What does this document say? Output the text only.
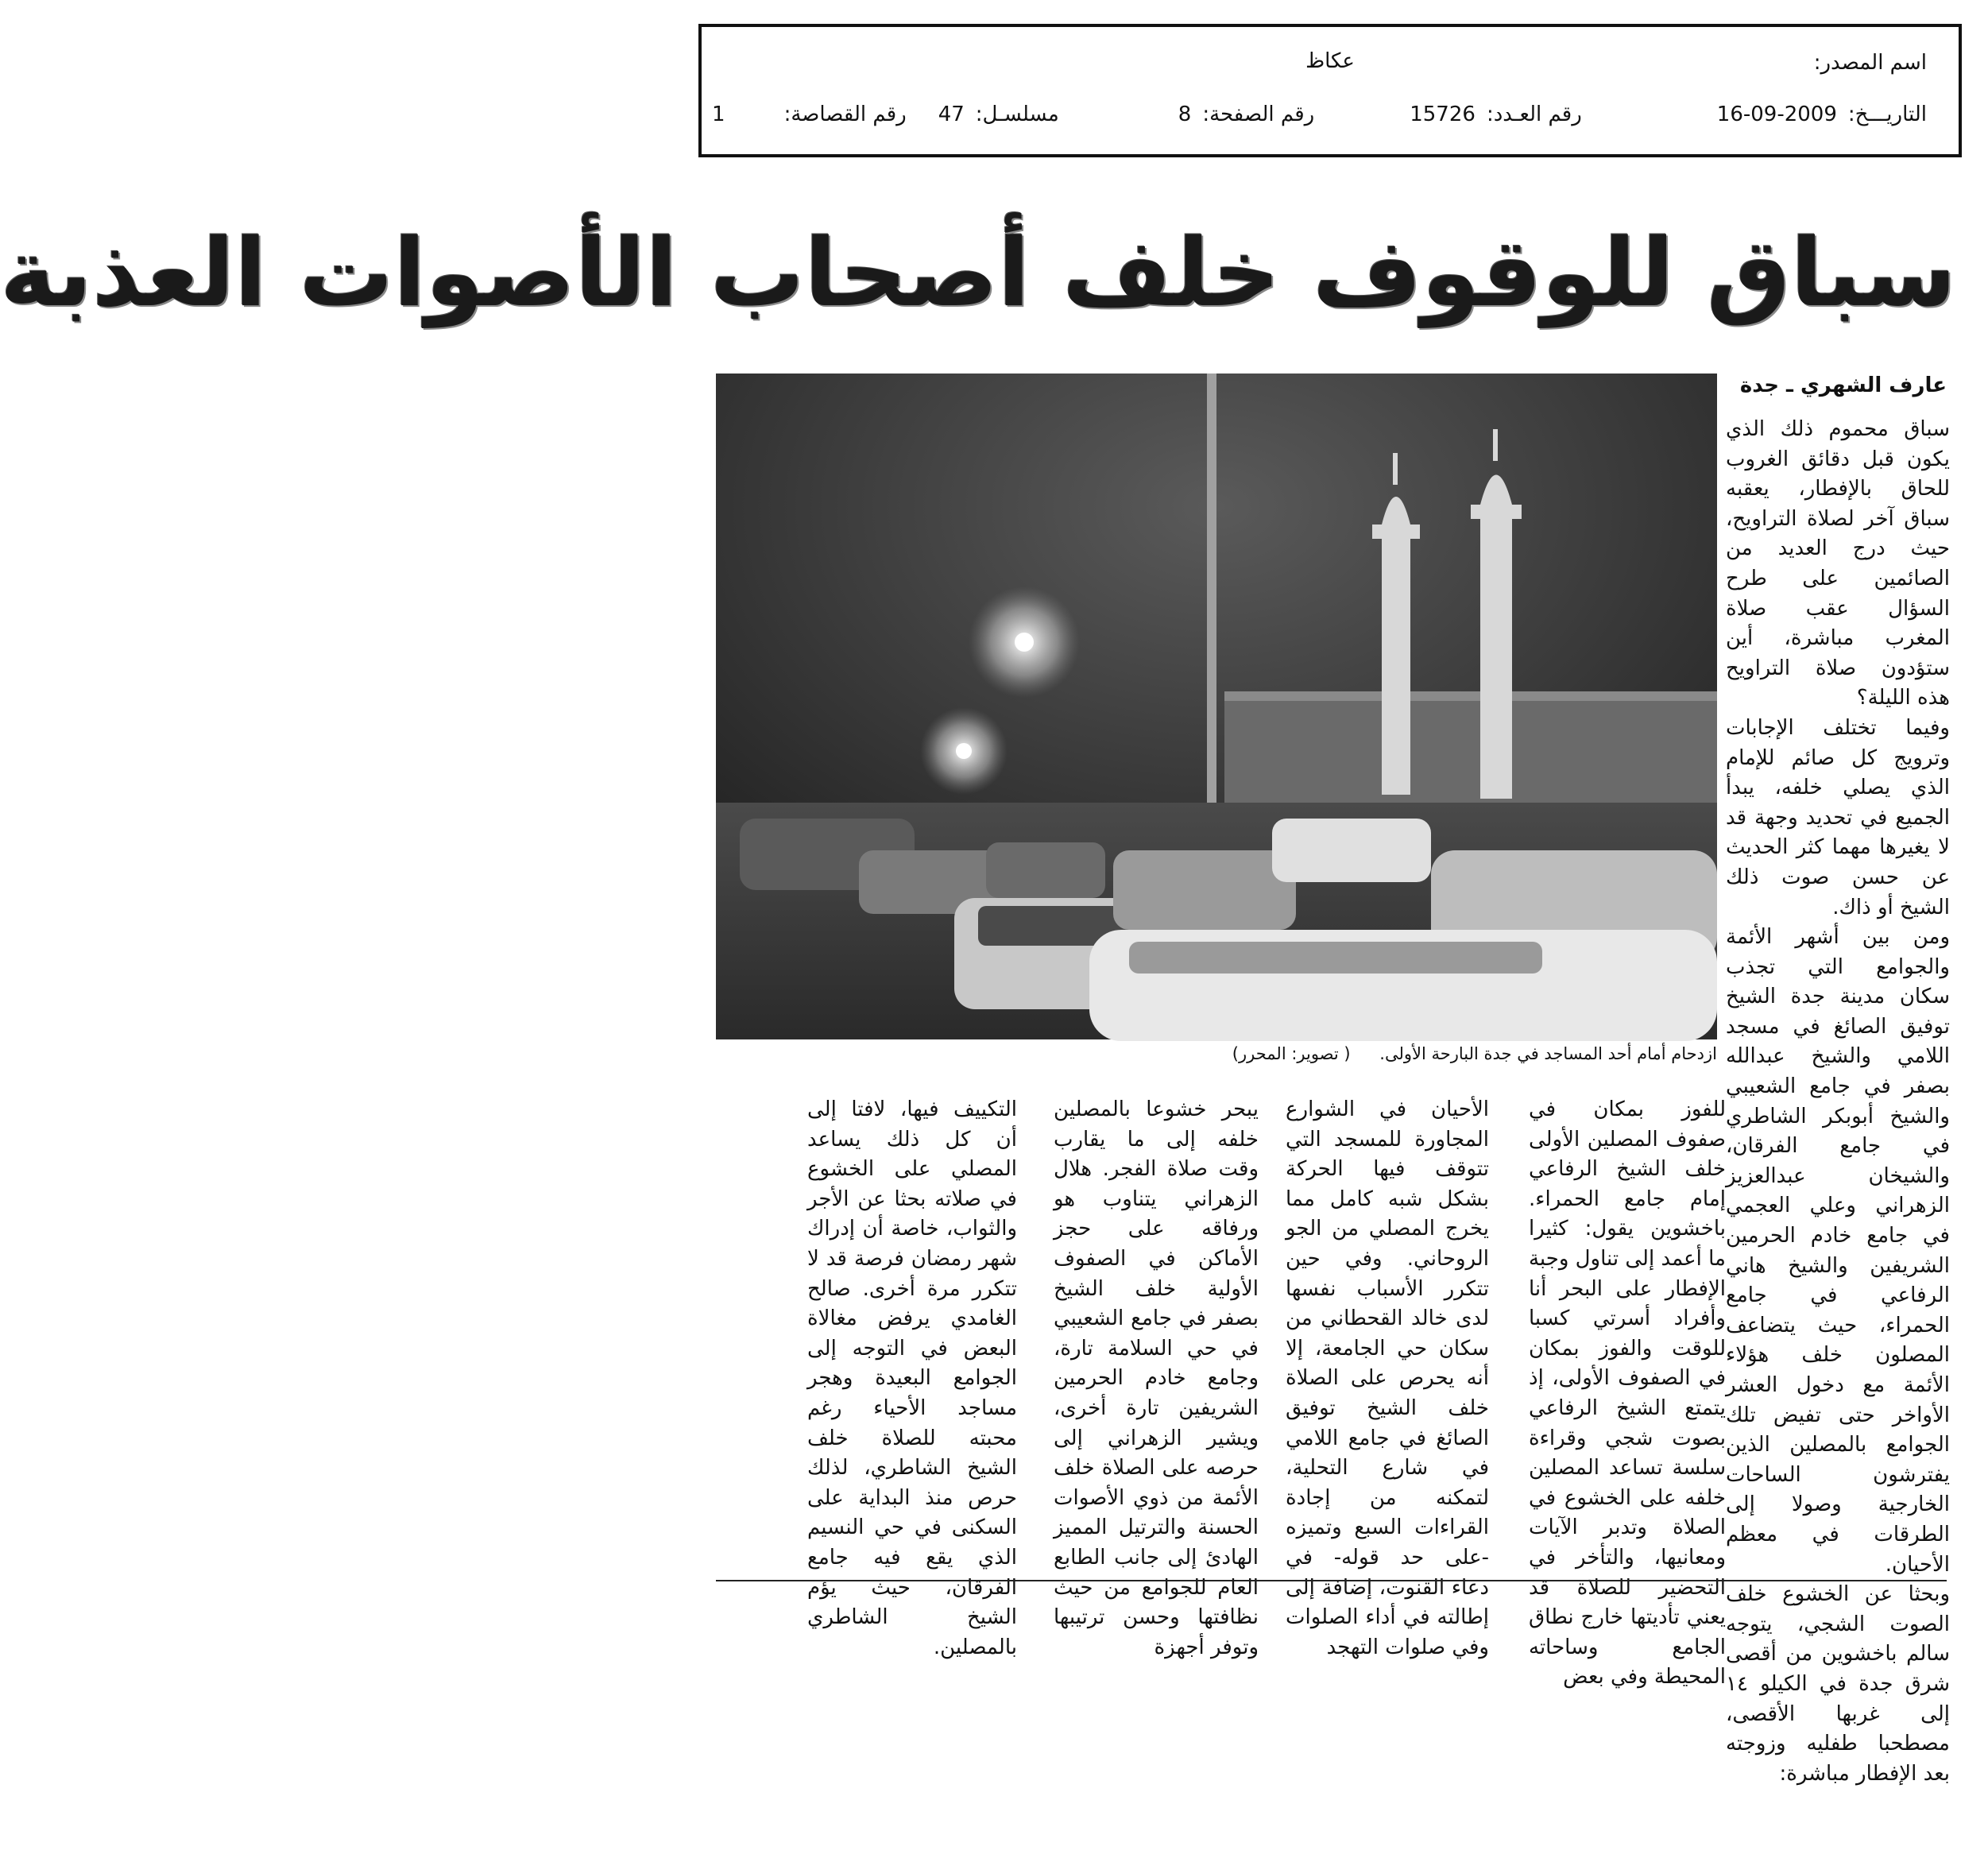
اسم المصدر:
عكاظ
التاريـــخ:
16-09-2009
رقم العـدد:
15726
رقم الصفحة:
8
مسلسـل:
47
رقم القصاصة:
1
سباق للوقوف خلف أصحاب الأصوات العذبة
عارف الشهري ـ جدة
ازدحام أمام أحد المساجد في جدة البارحة الأولى. ( تصوير: المحرر)

سباق محموم ذلك الذي يكون قبل دقائق الغروب للحاق بالإفطار، يعقبه سباق آخر لصلاة التراويح، حيث درج العديد من الصائمين على طرح السؤال عقب صلاة المغرب مباشرة، أين ستؤدون صلاة التراويح هذه الليلة؟

وفيما تختلف الإجابات وترويج كل صائم للإمام الذي يصلي خلفه، يبدأ الجميع في تحديد وجهة قد لا يغيرها مهما كثر الحديث عن حسن صوت ذلك الشيخ أو ذاك.

ومن بين أشهر الأئمة والجوامع التي تجذب سكان مدينة جدة الشيخ توفيق الصائغ في مسجد اللامي والشيخ عبدالله بصفر في جامع الشعيبي والشيخ أبوبكر الشاطري في جامع الفرقان، والشيخان عبدالعزيز الزهراني وعلي العجمي في جامع خادم الحرمين الشريفين والشيخ هاني الرفاعي في جامع الحمراء، حيث يتضاعف المصلون خلف هؤلاء الأئمة مع دخول العشر الأواخر حتى تفيض تلك الجوامع بالمصلين الذين يفترشون الساحات الخارجية وصولا إلى الطرقات في معظم الأحيان.

وبحثا عن الخشوع خلف الصوت الشجي، يتوجه سالم باخشوين من أقصى شرق جدة في الكيلو ١٤ إلى غربها الأقصى، مصطحبا طفليه وزوجته بعد الإفطار مباشرة:

للفوز بمكان في صفوف المصلين الأولى خلف الشيخ الرفاعي إمام جامع الحمراء. باخشوين يقول: كثيرا ما أعمد إلى تناول وجبة الإفطار على البحر أنا وأفراد أسرتي كسبا للوقت والفوز بمكان في الصفوف الأولى، إذ يتمتع الشيخ الرفاعي بصوت شجي وقراءة سلسة تساعد المصلين خلفه على الخشوع في الصلاة وتدبر الآيات ومعانيها، والتأخر في التحضير للصلاة قد يعني تأديتها خارج نطاق الجامع وساحاته المحيطة وفي بعض
الأحيان في الشوارع المجاورة للمسجد التي تتوقف فيها الحركة بشكل شبه كامل مما يخرج المصلي من الجو الروحاني. وفي حين تتكرر الأسباب نفسها لدى خالد القحطاني من سكان حي الجامعة، إلا أنه يحرص على الصلاة خلف الشيخ توفيق الصائغ في جامع اللامي في شارع التحلية، لتمكنه من إجادة القراءات السبع وتميزه -على حد قوله- في دعاء القنوت، إضافة إلى إطالته في أداء الصلوات وفي صلوات التهجد
يبحر خشوعا بالمصلين خلفه إلى ما يقارب وقت صلاة الفجر. هلال الزهراني يتناوب هو ورفاقه على حجز الأماكن في الصفوف الأولية خلف الشيخ بصفر في جامع الشعيبي في حي السلامة تارة، وجامع خادم الحرمين الشريفين تارة أخرى، ويشير الزهراني إلى حرصه على الصلاة خلف الأئمة من ذوي الأصوات الحسنة والترتيل المميز الهادئ إلى جانب الطابع العام للجوامع من حيث نظافتها وحسن ترتيبها وتوفر أجهزة
التكييف فيها، لافتا إلى أن كل ذلك يساعد المصلي على الخشوع في صلاته بحثا عن الأجر والثواب، خاصة أن إدراك شهر رمضان فرصة قد لا تتكرر مرة أخرى. صالح الغامدي يرفض مغالاة البعض في التوجه إلى الجوامع البعيدة وهجر مساجد الأحياء رغم محبته للصلاة خلف الشيخ الشاطري، لذلك حرص منذ البداية على السكنى في حي النسيم الذي يقع فيه جامع الفرقان، حيث يؤم الشيخ الشاطري بالمصلين.
